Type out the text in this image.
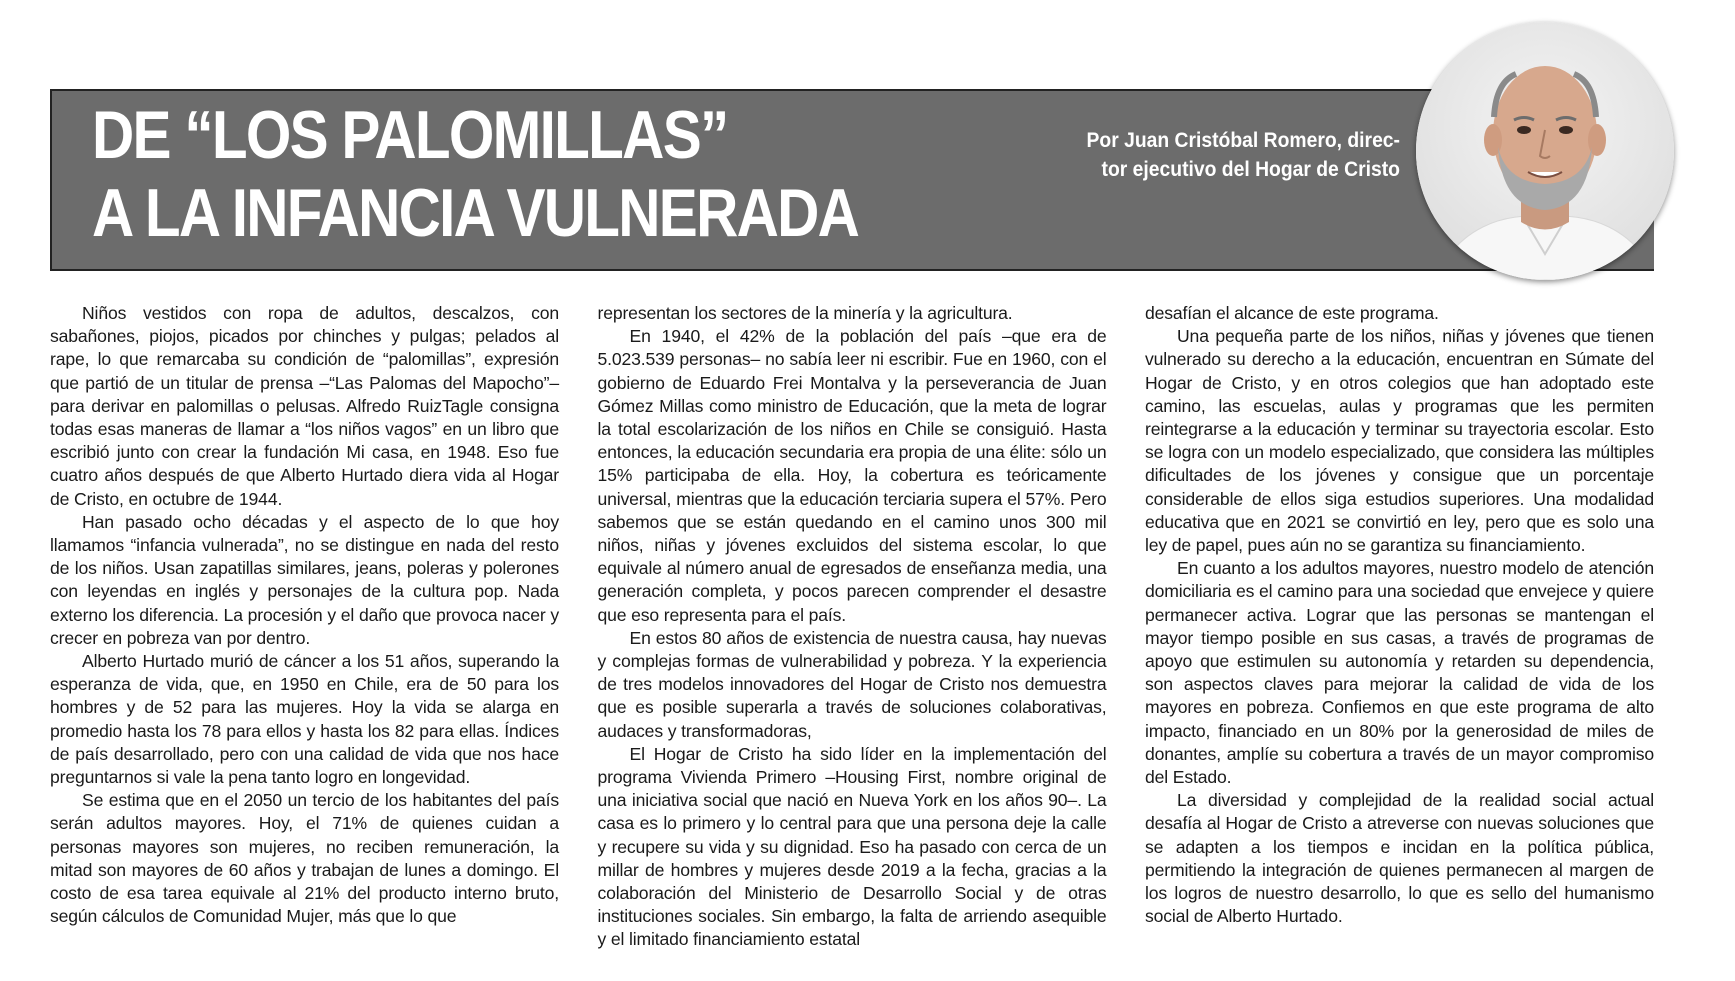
DE “LOS PALOMILLAS”
A LA INFANCIA VULNERADA
Por Juan Cristóbal Romero, direc-
tor ejecutivo del Hogar de Cristo

Niños vestidos con ropa de adultos, descalzos, con sabañones, piojos, picados por chinches y pulgas; pelados al rape, lo que remarcaba su condición de “palomillas”, expresión que partió de un titular de prensa –“Las Palomas del Mapocho”– para derivar en palomillas o pelusas. Alfredo RuizTagle consigna todas esas maneras de llamar a “los niños vagos” en un libro que escribió junto con crear la fundación Mi casa, en 1948. Eso fue cuatro años después de que Alberto Hurtado diera vida al Hogar de Cristo, en octubre de 1944.

Han pasado ocho décadas y el aspecto de lo que hoy llamamos “infancia vulnerada”, no se distingue en nada del resto de los niños. Usan zapatillas similares, jeans, poleras y polerones con leyendas en inglés y personajes de la cultura pop. Nada externo los diferencia. La procesión y el daño que provoca nacer y crecer en pobreza van por dentro.

Alberto Hurtado murió de cáncer a los 51 años, superando la esperanza de vida, que, en 1950 en Chile, era de 50 para los hombres y de 52 para las mujeres. Hoy la vida se alarga en promedio hasta los 78 para ellos y hasta los 82 para ellas. Índices de país desarrollado, pero con una calidad de vida que nos hace preguntarnos si vale la pena tanto logro en longevidad.

Se estima que en el 2050 un tercio de los habitantes del país serán adultos mayores. Hoy, el 71% de quienes cuidan a personas mayores son mujeres, no reciben remuneración, la mitad son mayores de 60 años y trabajan de lunes a domingo. El costo de esa tarea equivale al 21% del producto interno bruto, según cálculos de Comunidad Mujer, más que lo que

representan los sectores de la minería y la agricultura.

En 1940, el 42% de la población del país –que era de 5.023.539 personas– no sabía leer ni escribir. Fue en 1960, con el gobierno de Eduardo Frei Montalva y la perseverancia de Juan Gómez Millas como ministro de Educación, que la meta de lograr la total escolarización de los niños en Chile se consiguió. Hasta entonces, la educación secundaria era propia de una élite: sólo un 15% participaba de ella. Hoy, la cobertura es teóricamente universal, mientras que la educación terciaria supera el 57%. Pero sabemos que se están quedando en el camino unos 300 mil niños, niñas y jóvenes excluidos del sistema escolar, lo que equivale al número anual de egresados de enseñanza media, una generación completa, y pocos parecen comprender el desastre que eso representa para el país.

En estos 80 años de existencia de nuestra causa, hay nuevas y complejas formas de vulnerabilidad y pobreza. Y la experiencia de tres modelos innovadores del Hogar de Cristo nos demuestra que es posible superarla a través de soluciones colaborativas, audaces y transformadoras,

El Hogar de Cristo ha sido líder en la implementación del programa Vivienda Primero –Housing First, nombre original de una iniciativa social que nació en Nueva York en los años 90–. La casa es lo primero y lo central para que una persona deje la calle y recupere su vida y su dignidad. Eso ha pasado con cerca de un millar de hombres y mujeres desde 2019 a la fecha, gracias a la colaboración del Ministerio de Desarrollo Social y de otras instituciones sociales. Sin embargo, la falta de arriendo asequible y el limitado financiamiento estatal

desafían el alcance de este programa.

Una pequeña parte de los niños, niñas y jóvenes que tienen vulnerado su derecho a la educación, encuentran en Súmate del Hogar de Cristo, y en otros colegios que han adoptado este camino, las escuelas, aulas y programas que les permiten reintegrarse a la educación y terminar su trayectoria escolar. Esto se logra con un modelo especializado, que considera las múltiples dificultades de los jóvenes y consigue que un porcentaje considerable de ellos siga estudios superiores. Una modalidad educativa que en 2021 se convirtió en ley, pero que es solo una ley de papel, pues aún no se garantiza su financiamiento.

En cuanto a los adultos mayores, nuestro modelo de atención domiciliaria es el camino para una sociedad que envejece y quiere permanecer activa. Lograr que las personas se mantengan el mayor tiempo posible en sus casas, a través de programas de apoyo que estimulen su autonomía y retarden su dependencia, son aspectos claves para mejorar la calidad de vida de los mayores en pobreza. Confiemos en que este programa de alto impacto, financiado en un 80% por la generosidad de miles de donantes, amplíe su cobertura a través de un mayor compromiso del Estado.

La diversidad y complejidad de la realidad social actual desafía al Hogar de Cristo a atreverse con nuevas soluciones que se adapten a los tiempos e incidan en la política pública, permitiendo la integración de quienes permanecen al margen de los logros de nuestro desarrollo, lo que es sello del humanismo social de Alberto Hurtado.
